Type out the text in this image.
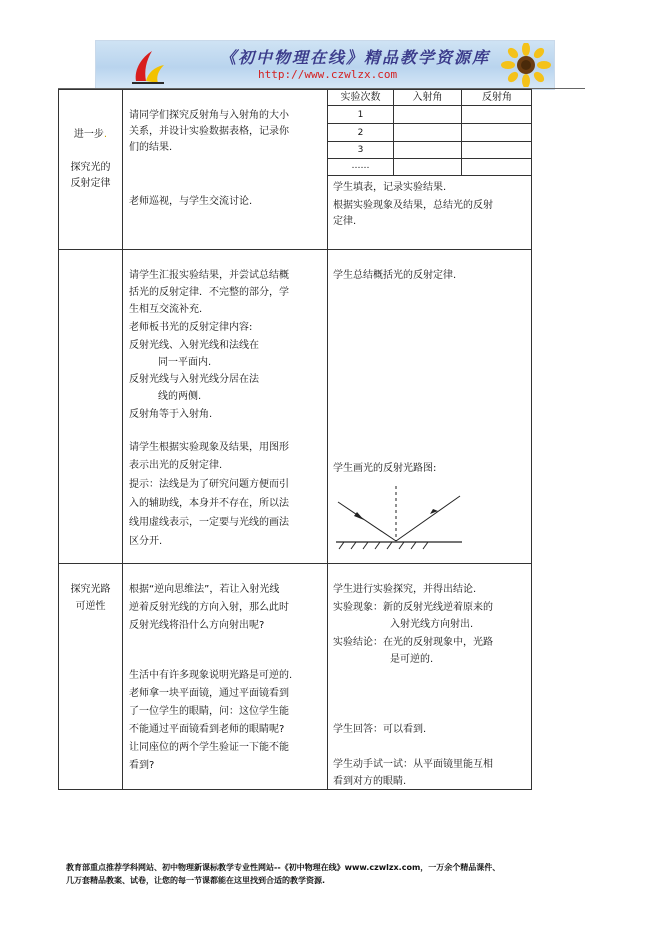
《初中物理在线》精品教学资源库
http://www.czwlzx.com
进一步.
探究光的
反射定律
请同学们探究反射角与入射角的大小
关系，并设计实验数据表格，记录你
们的结果.
老师巡视，与学生交流讨论.
实验次数	入射角	反射角
1
2
3
……
学生填表，记录实验结果.
根据实验现象及结果，总结光的反射
定律.
请学生汇报实验结果，并尝试总结概
括光的反射定律．不完整的部分，学
生相互交流补充.
老师板书光的反射定律内容:
反射光线、入射光线和法线在
同一平面内.
反射光线与入射光线分居在法
线的两侧.
反射角等于入射角.
请学生根据实验现象及结果，用图形
表示出光的反射定律.
提示：法线是为了研究问题方便而引
入的辅助线，本身并不存在，所以法
线用虚线表示，一定要与光线的画法
区分开.
学生总结概括光的反射定律.
学生画光的反射光路图:
探究光路
可逆性
根据“逆向思维法”，若让入射光线
逆着反射光线的方向入射，那么此时
反射光线将沿什么方向射出呢?
生活中有许多现象说明光路是可逆的.
老师拿一块平面镜，通过平面镜看到
了一位学生的眼睛，问：这位学生能
不能通过平面镜看到老师的眼睛呢?
让同座位的两个学生验证一下能不能
看到?
学生进行实验探究，并得出结论.
实验现象：新的反射光线逆着原来的
入射光线方向射出.
实验结论：在光的反射现象中，光路
是可逆的.
学生回答：可以看到.
学生动手试一试：从平面镜里能互相
看到对方的眼睛.
教育部重点推荐学科网站、初中物理新课标教学专业性网站--《初中物理在线》www.czwlzx.com，一万余个精品课件、
几万套精品教案、试卷，让您的每一节课都能在这里找到合适的教学资源.
